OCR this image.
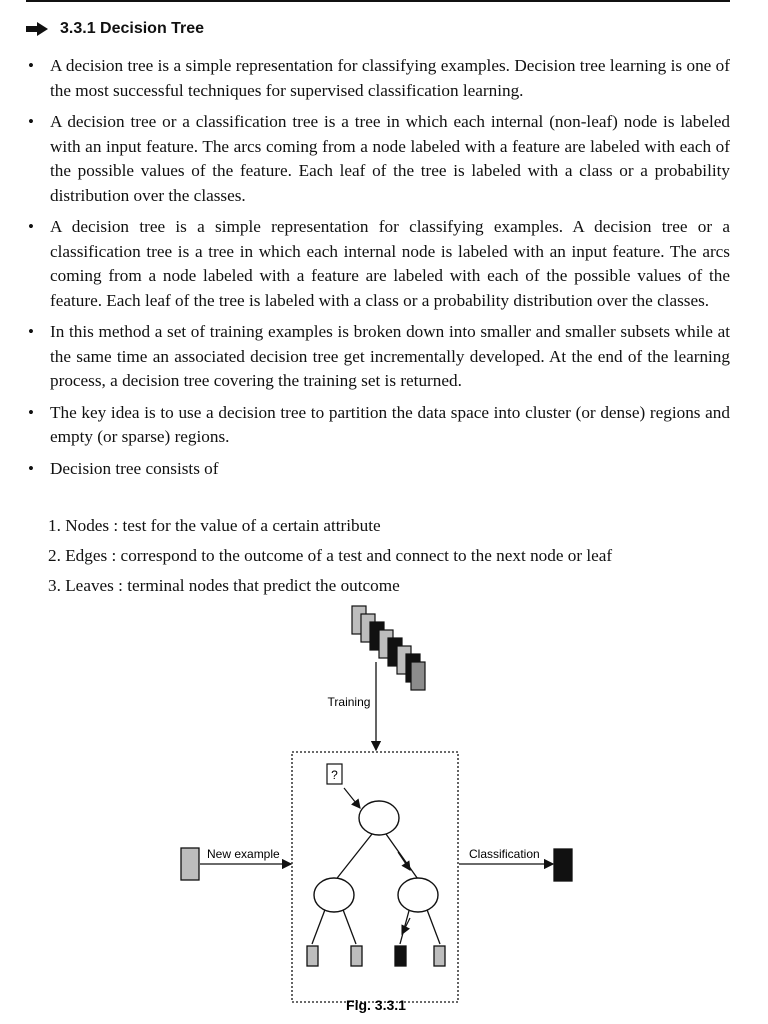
3.3.1 Decision Tree
• A decision tree is a simple representation for classifying examples. Decision tree learning is one of the most successful techniques for supervised classification learning.
• A decision tree or a classification tree is a tree in which each internal (non-leaf) node is labeled with an input feature. The arcs coming from a node labeled with a feature are labeled with each of the possible values of the feature. Each leaf of the tree is labeled with a class or a probability distribution over the classes.
• A decision tree is a simple representation for classifying examples. A decision tree or a classification tree is a tree in which each internal node is labeled with an input feature. The arcs coming from a node labeled with a feature are labeled with each of the possible values of the feature. Each leaf of the tree is labeled with a class or a probability distribution over the classes.
• In this method a set of training examples is broken down into smaller and smaller subsets while at the same time an associated decision tree get incrementally developed. At the end of the learning process, a decision tree covering the training set is returned.
• The key idea is to use a decision tree to partition the data space into cluster (or dense) regions and empty (or sparse) regions.
• Decision tree consists of
1. Nodes : test for the value of a certain attribute
2. Edges : correspond to the outcome of a test and connect to the next node or leaf
3. Leaves : terminal nodes that predict the outcome
Training
?
New example	Classification
Fig. 3.3.1
